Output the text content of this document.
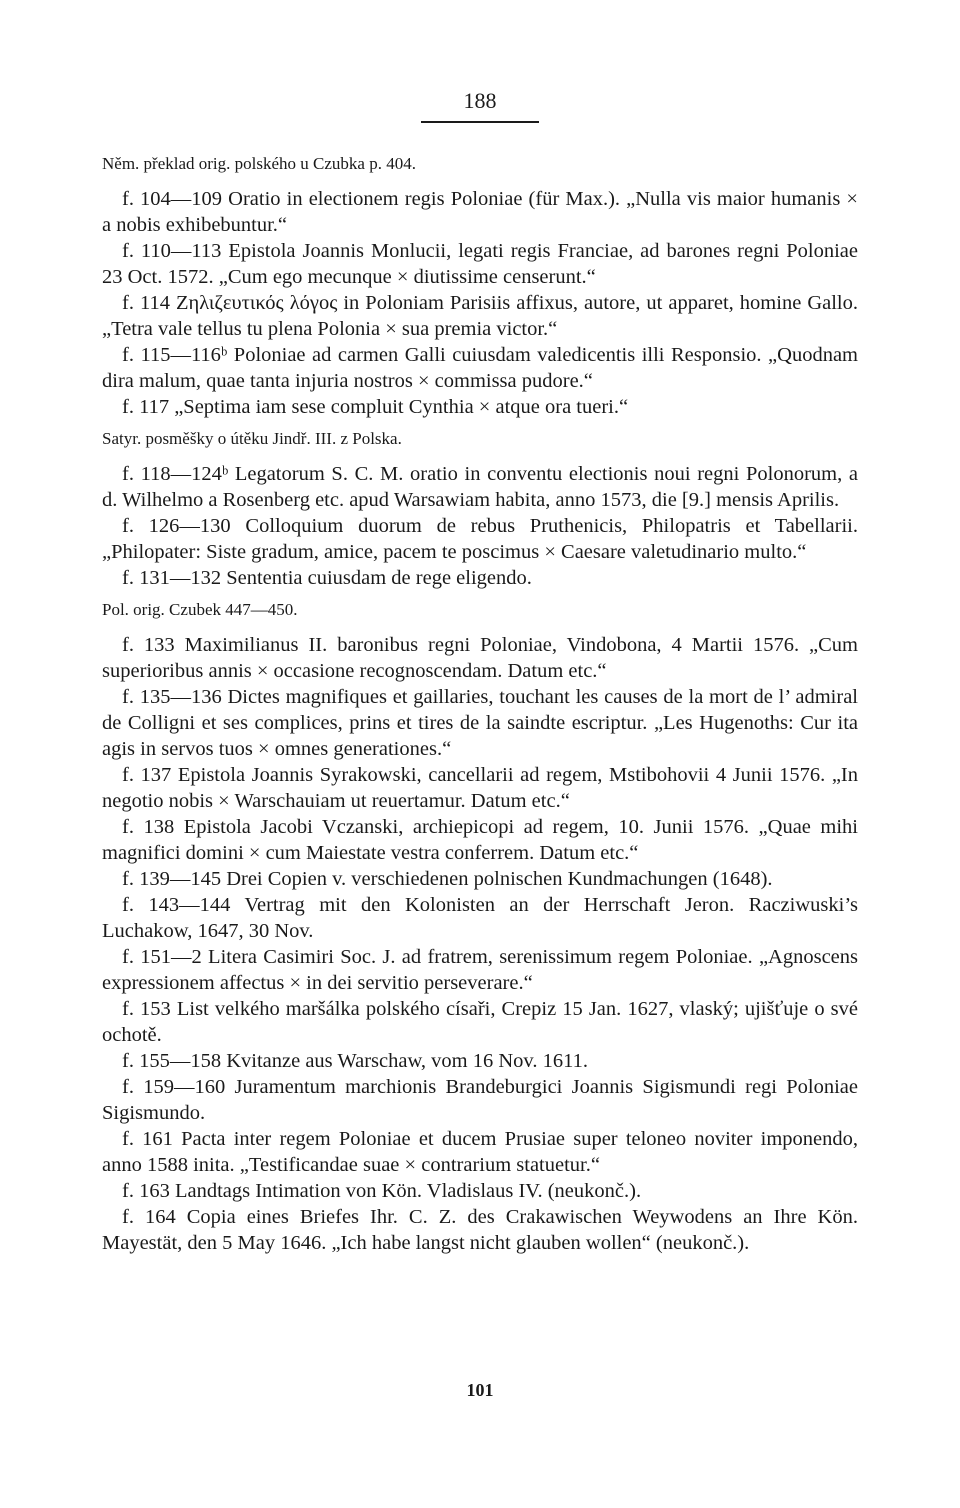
188
Něm. překlad orig. polského u Czubka p. 404.

f. 104—109 Oratio in electionem regis Poloniae (für Max.). „Nulla vis maior humanis × a nobis exhibebuntur.“

f. 110—113 Epistola Joannis Monlucii, legati regis Franciae, ad barones regni Poloniae 23 Oct. 1572. „Cum ego mecunque × diutissime censerunt.“

f. 114 Ζηλιζευτικός λόγος in Poloniam Parisiis affixus, autore, ut apparet, homine Gallo. „Tetra vale tellus tu plena Polonia × sua premia victor.“

f. 115—116ᵇ Poloniae ad carmen Galli cuiusdam valedicentis illi Responsio. „Quodnam dira malum, quae tanta injuria nostros × commissa pudore.“

f. 117 „Septima iam sese compluit Cynthia × atque ora tueri.“

Satyr. posměšky o útěku Jindř. III. z Polska.

f. 118—124ᵇ Legatorum S. C. M. oratio in conventu electionis noui regni Polonorum, a d. Wilhelmo a Rosenberg etc. apud Warsawiam habita, anno 1573, die [9.] mensis Aprilis.

f. 126—130 Colloquium duorum de rebus Pruthenicis, Philopatris et Tabellarii. „Philopater: Siste gradum, amice, pacem te poscimus × Caesare valetudinario multo.“

f. 131—132 Sententia cuiusdam de rege eligendo.

Pol. orig. Czubek 447—450.

f. 133 Maximilianus II. baronibus regni Poloniae, Vindobona, 4 Martii 1576. „Cum superioribus annis × occasione recognoscendam. Datum etc.“

f. 135—136 Dictes magnifiques et gaillaries, touchant les causes de la mort de l’ admiral de Colligni et ses complices, prins et tires de la saindte escriptur. „Les Hugenoths: Cur ita agis in servos tuos × omnes generationes.“

f. 137 Epistola Joannis Syrakowski, cancellarii ad regem, Mstibohovii 4 Junii 1576. „In negotio nobis × Warschauiam ut reuertamur. Datum etc.“

f. 138 Epistola Jacobi Vczanski, archiepicopi ad regem, 10. Junii 1576. „Quae mihi magnifici domini × cum Maiestate vestra conferrem. Datum etc.“

f. 139—145 Drei Copien v. verschiedenen polnischen Kundmachungen (1648).

f. 143—144 Vertrag mit den Kolonisten an der Herrschaft Jeron. Racziwuski’s Luchakow, 1647, 30 Nov.

f. 151—2 Litera Casimiri Soc. J. ad fratrem, serenissimum regem Poloniae. „Agnoscens expressionem affectus × in dei servitio perseverare.“

f. 153 List velkého maršálka polského císaři, Crepiz 15 Jan. 1627, vlaský; ujišťuje o své ochotě.

f. 155—158 Kvitanze aus Warschaw, vom 16 Nov. 1611.

f. 159—160 Juramentum marchionis Brandeburgici Joannis Sigismundi regi Poloniae Sigismundo.

f. 161 Pacta inter regem Poloniae et ducem Prusiae super teloneo noviter imponendo, anno 1588 inita. „Testificandae suae × contrarium statuetur.“

f. 163 Landtags Intimation von Kön. Vladislaus IV. (neukonč.).

f. 164 Copia eines Briefes Ihr. C. Z. des Crakawischen Weywodens an Ihre Kön. Mayestät, den 5 May 1646. „Ich habe langst nicht glauben wollen“ (neukonč.).

101
